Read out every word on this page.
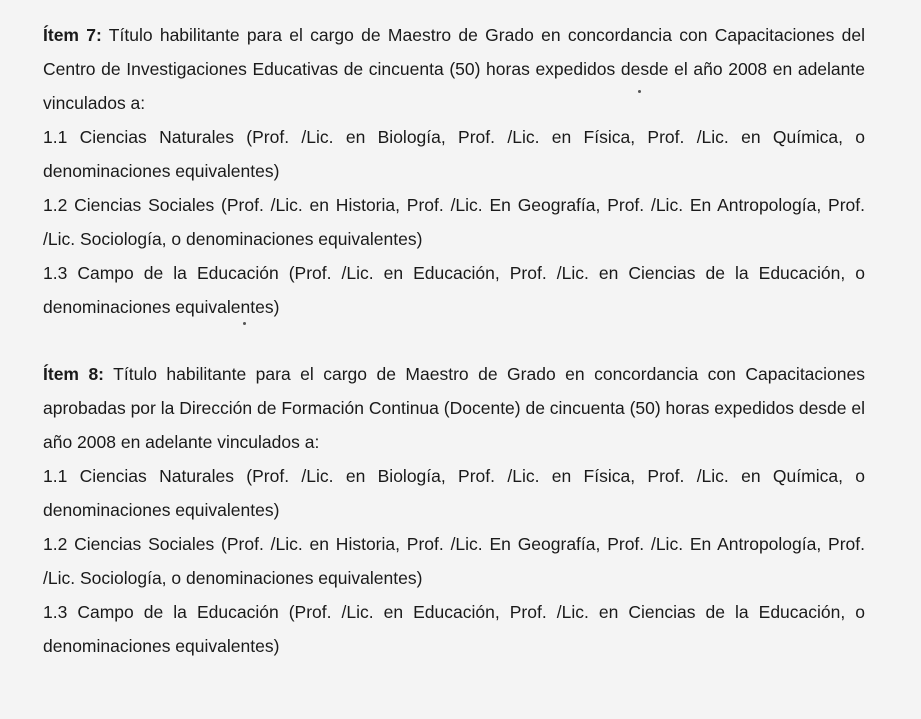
Ítem 7: Título habilitante para el cargo de Maestro de Grado en concordancia con Capacitaciones del Centro de Investigaciones Educativas de cincuenta (50) horas expedidos desde el año 2008 en adelante vinculados a:

1.1 Ciencias Naturales (Prof. /Lic. en Biología, Prof. /Lic. en Física, Prof. /Lic. en Química, o denominaciones equivalentes)

1.2 Ciencias Sociales (Prof. /Lic. en Historia, Prof. /Lic. En Geografía, Prof. /Lic. En Antropología, Prof. /Lic. Sociología, o denominaciones equivalentes)

1.3 Campo de la Educación (Prof. /Lic. en Educación, Prof. /Lic. en Ciencias de la Educación, o denominaciones equivalentes)

Ítem 8: Título habilitante para el cargo de Maestro de Grado en concordancia con Capacitaciones aprobadas por la Dirección de Formación Continua (Docente) de cincuenta (50) horas expedidos desde el año 2008 en adelante vinculados a:

1.1 Ciencias Naturales (Prof. /Lic. en Biología, Prof. /Lic. en Física, Prof. /Lic. en Química, o denominaciones equivalentes)

1.2 Ciencias Sociales (Prof. /Lic. en Historia, Prof. /Lic. En Geografía, Prof. /Lic. En Antropología, Prof. /Lic. Sociología, o denominaciones equivalentes)

1.3 Campo de la Educación (Prof. /Lic. en Educación, Prof. /Lic. en Ciencias de la Educación, o denominaciones equivalentes)
